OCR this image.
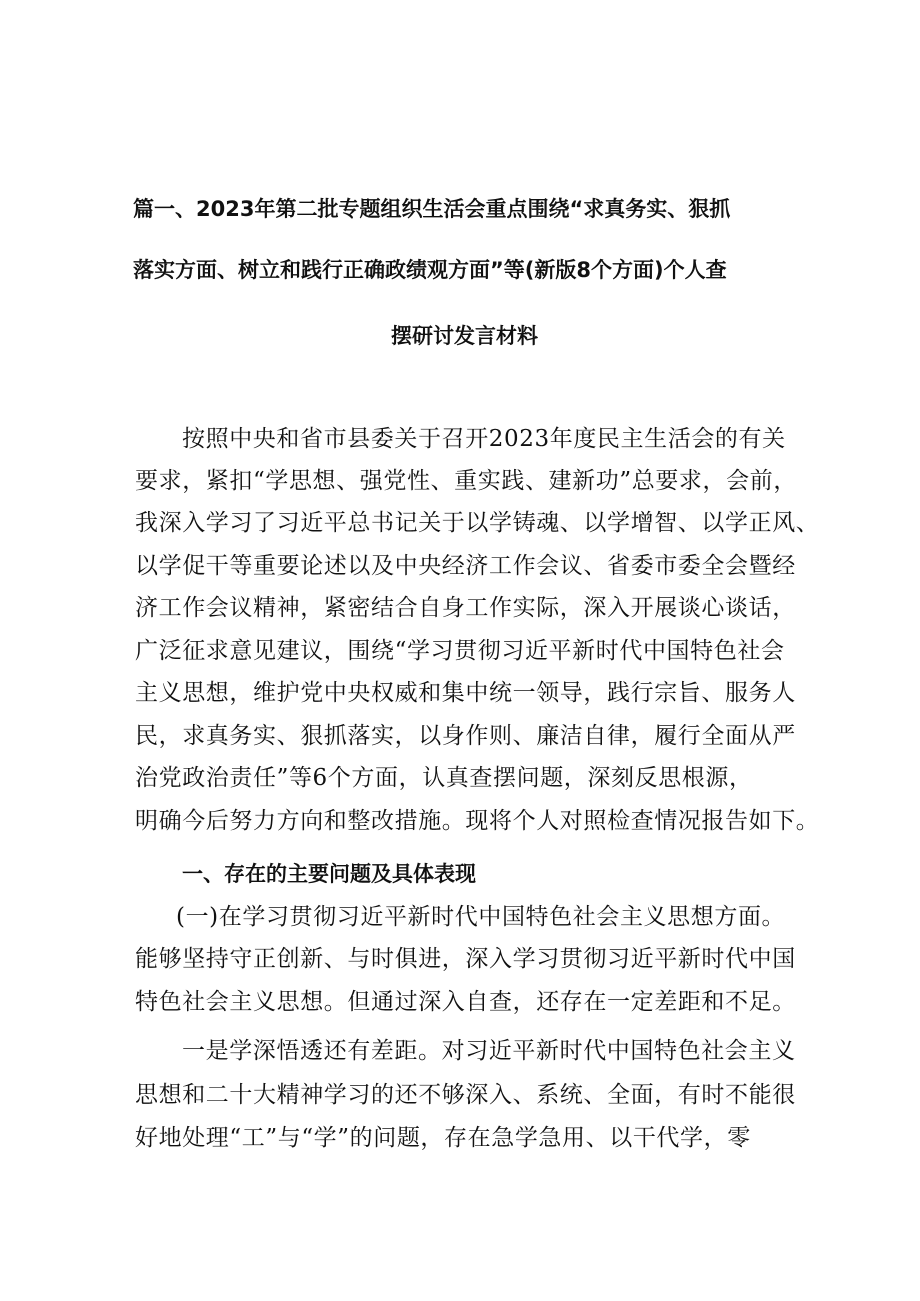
篇一、2023年第二批专题组织生活会重点围绕“求真务实、狠抓
落实方面、树立和践行正确政绩观方面”等(新版8个方面)个人查
摆研讨发言材料
按照中央和省市县委关于召开2023年度民主生活会的有关
要求，紧扣“学思想、强党性、重实践、建新功”总要求，会前，
我深入学习了习近平总书记关于以学铸魂、以学增智、以学正风、
以学促干等重要论述以及中央经济工作会议、省委市委全会暨经
济工作会议精神，紧密结合自身工作实际，深入开展谈心谈话，
广泛征求意见建议，围绕“学习贯彻习近平新时代中国特色社会
主义思想，维护党中央权威和集中统一领导，践行宗旨、服务人
民，求真务实、狠抓落实，以身作则、廉洁自律，履行全面从严
治党政治责任”等6个方面，认真查摆问题，深刻反思根源，
明确今后努力方向和整改措施。现将个人对照检查情况报告如下。
一、存在的主要问题及具体表现
(一)在学习贯彻习近平新时代中国特色社会主义思想方面。
能够坚持守正创新、与时俱进，深入学习贯彻习近平新时代中国
特色社会主义思想。但通过深入自查，还存在一定差距和不足。
一是学深悟透还有差距。对习近平新时代中国特色社会主义
思想和二十大精神学习的还不够深入、系统、全面，有时不能很
好地处理“工”与“学”的问题，存在急学急用、以干代学，零
